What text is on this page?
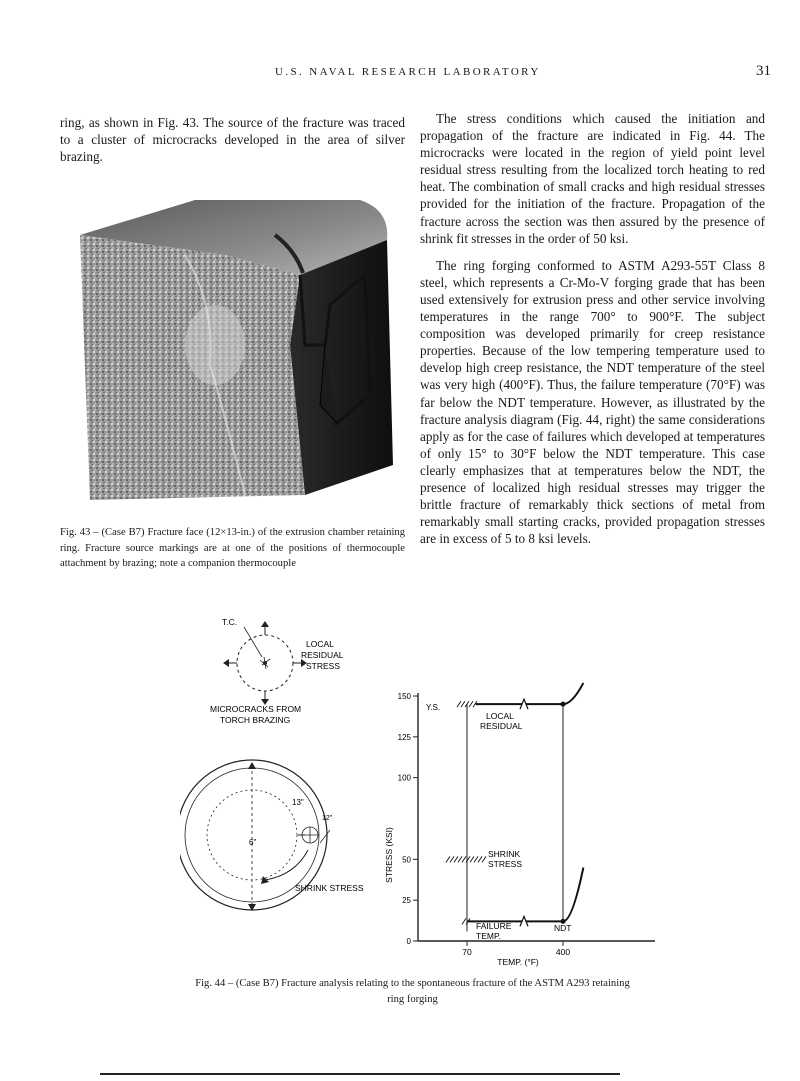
U.S. NAVAL RESEARCH LABORATORY	31

ring, as shown in Fig. 43. The source of the fracture was traced to a cluster of microcracks developed in the area of silver brazing.

The stress conditions which caused the initiation and propagation of the fracture are indicated in Fig. 44. The microcracks were located in the region of yield point level residual stress resulting from the localized torch heating to red heat. The combination of small cracks and high residual stresses provided for the initiation of the fracture. Propagation of the fracture across the section was then assured by the presence of shrink fit stresses in the order of 50 ksi.

The ring forging conformed to ASTM A293-55T Class 8 steel, which represents a Cr-Mo-V forging grade that has been used extensively for extrusion press and other service involving temperatures in the range 700° to 900°F. The subject composition was developed primarily for creep resistance properties. Because of the low tempering temperature used to develop high creep resistance, the NDT temperature of the steel was very high (400°F). Thus, the failure temperature (70°F) was far below the NDT temperature. However, as illustrated by the fracture analysis diagram (Fig. 44, right) the same considerations apply as for the case of failures which developed at temperatures of only 15° to 30°F below the NDT temperature. This case clearly emphasizes that at temperatures below the NDT, the presence of localized high residual stresses may trigger the brittle fracture of remarkably thick sections of metal from remarkably small starting cracks, provided propagation stresses are in excess of 5 to 8 ksi levels.

Fig. 43 – (Case B7) Fracture face (12×13-in.) of the extrusion chamber retaining ring. Fracture source markings are at one of the positions of thermocouple attachment by brazing; note a companion thermocouple
T.C.
LOCAL
RESIDUAL
STRESS
MICROCRACKS FROM
TORCH BRAZING
13"
6"
12"
SHRINK STRESS
STRESS (KSI)
TEMP. (°F)
0
25
50
100
125
150
70	400
Y.S.
LOCAL
RESIDUAL
SHRINK
STRESS
FAILURE
TEMP.
NDT
Fig. 44 – (Case B7) Fracture analysis relating to the spontaneous fracture of the ASTM A293 retaining ring forging
